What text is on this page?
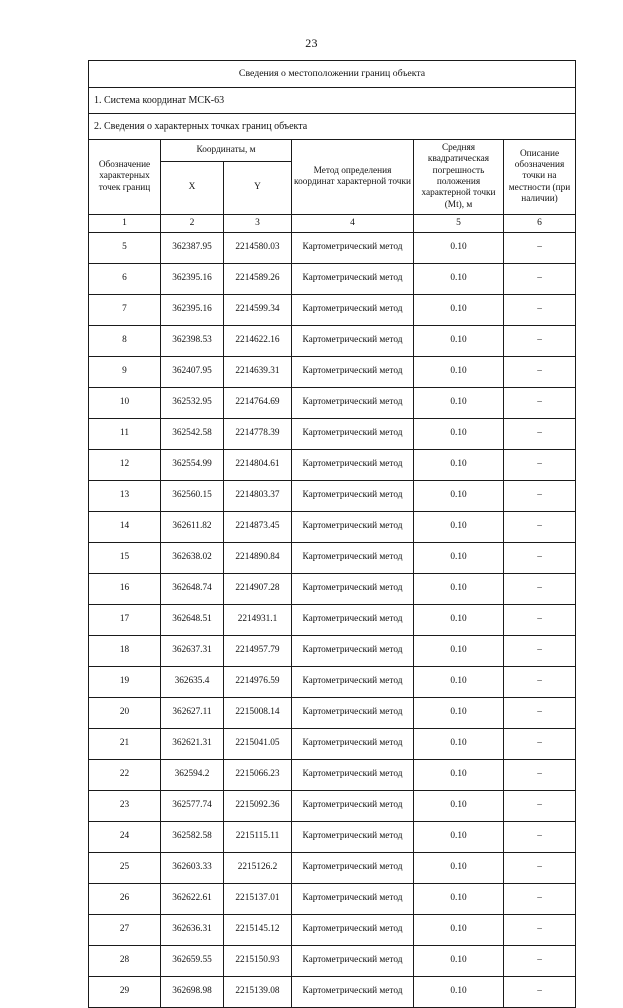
23
Сведения о местоположении границ объекта					
1. Система координат МСК-63					
2. Сведения о характерных точках границ объекта					
Обозначение характерных точек границ	Координаты, м		Метод определения координат характерной точки	Средняя квадратическая погрешность положения характерной точки (Мt), м	Описание обозначения точки на местности (при наличии)
	X	Y			
1	2	3	4	5	6
5	362387.95	2214580.03	Картометрический метод	0.10	–
6	362395.16	2214589.26	Картометрический метод	0.10	–
7	362395.16	2214599.34	Картометрический метод	0.10	–
8	362398.53	2214622.16	Картометрический метод	0.10	–
9	362407.95	2214639.31	Картометрический метод	0.10	–
10	362532.95	2214764.69	Картометрический метод	0.10	–
11	362542.58	2214778.39	Картометрический метод	0.10	–
12	362554.99	2214804.61	Картометрический метод	0.10	–
13	362560.15	2214803.37	Картометрический метод	0.10	–
14	362611.82	2214873.45	Картометрический метод	0.10	–
15	362638.02	2214890.84	Картометрический метод	0.10	–
16	362648.74	2214907.28	Картометрический метод	0.10	–
17	362648.51	2214931.1	Картометрический метод	0.10	–
18	362637.31	2214957.79	Картометрический метод	0.10	–
19	362635.4	2214976.59	Картометрический метод	0.10	–
20	362627.11	2215008.14	Картометрический метод	0.10	–
21	362621.31	2215041.05	Картометрический метод	0.10	–
22	362594.2	2215066.23	Картометрический метод	0.10	–
23	362577.74	2215092.36	Картометрический метод	0.10	–
24	362582.58	2215115.11	Картометрический метод	0.10	–
25	362603.33	2215126.2	Картометрический метод	0.10	–
26	362622.61	2215137.01	Картометрический метод	0.10	–
27	362636.31	2215145.12	Картометрический метод	0.10	–
28	362659.55	2215150.93	Картометрический метод	0.10	–
29	362698.98	2215139.08	Картометрический метод	0.10	–
